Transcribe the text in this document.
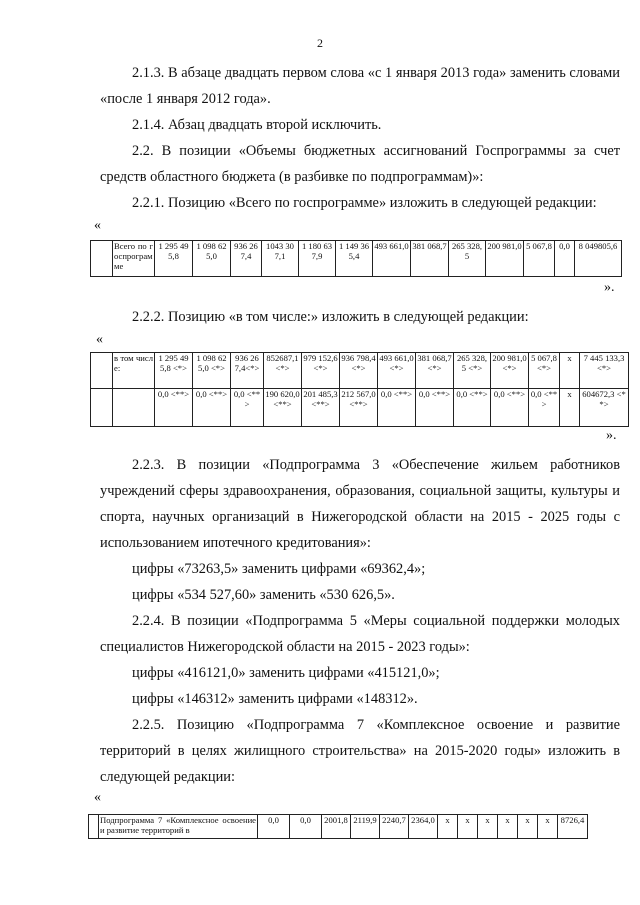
2
2.1.3. В абзаце двадцать первом слова «с 1 января 2013 года» заменить словами «после 1 января 2012 года».
2.1.4. Абзац двадцать второй исключить.
2.2. В позиции «Объемы бюджетных ассигнований Госпрограммы за счет средств областного бюджета (в разбивке по подпрограммам)»:
2.2.1. Позицию «Всего по госпрограмме» изложить в следующей редакции:
«
	Всего по госпрограмме	1 295 495,8	1 098 625,0	936 267,4	1043 307,1	1 180 637,9	1 149 365,4	493 661,0	381 068,7	265 328,5	200 981,0	5 067,8	0,0	8 049805,6
».
2.2.2. Позицию «в том числе:» изложить в следующей редакции:
«
	в том числе:	1 295 495,8 <*>	1 098 625,0 <*>	936 267,4<*>	852687,1 <*>	979 152,6<*>	936 798,4<*>	493 661,0<*>	381 068,7<*>	265 328,5 <*>	200 981,0 <*>	5 067,8 <*>	x	7 445 133,3 <*>
		0,0 <**>	0,0 <**>	0,0 <**>	190 620,0 <**>	201 485,3 <**>	212 567,0 <**>	0,0 <**>	0,0 <**>	0,0 <**>	0,0 <**>	0,0 <**>	x	604672,3 <**>
».
2.2.3. В позиции «Подпрограмма 3 «Обеспечение жильем работников учреждений сферы здравоохранения, образования, социальной защиты, культуры и спорта, научных организаций в Нижегородской области на 2015 - 2025 годы с использованием ипотечного кредитования»:
цифры «73263,5» заменить цифрами «69362,4»;
цифры «534 527,60» заменить «530 626,5».
2.2.4. В позиции «Подпрограмма 5 «Меры социальной поддержки молодых специалистов Нижегородской области на 2015 - 2023 годы»:
цифры «416121,0» заменить цифрами «415121,0»;
цифры «146312» заменить цифрами «148312».
2.2.5. Позицию «Подпрограмма 7 «Комплексное освоение и развитие территорий в целях жилищного строительства» на 2015-2020 годы» изложить в следующей редакции:
«
	Подпрограмма 7 «Комплексное освоение и развитие территорий в	0,0	0,0	2001,8	2119,9	2240,7	2364,0	x	x	x	x	x	x	8726,4
